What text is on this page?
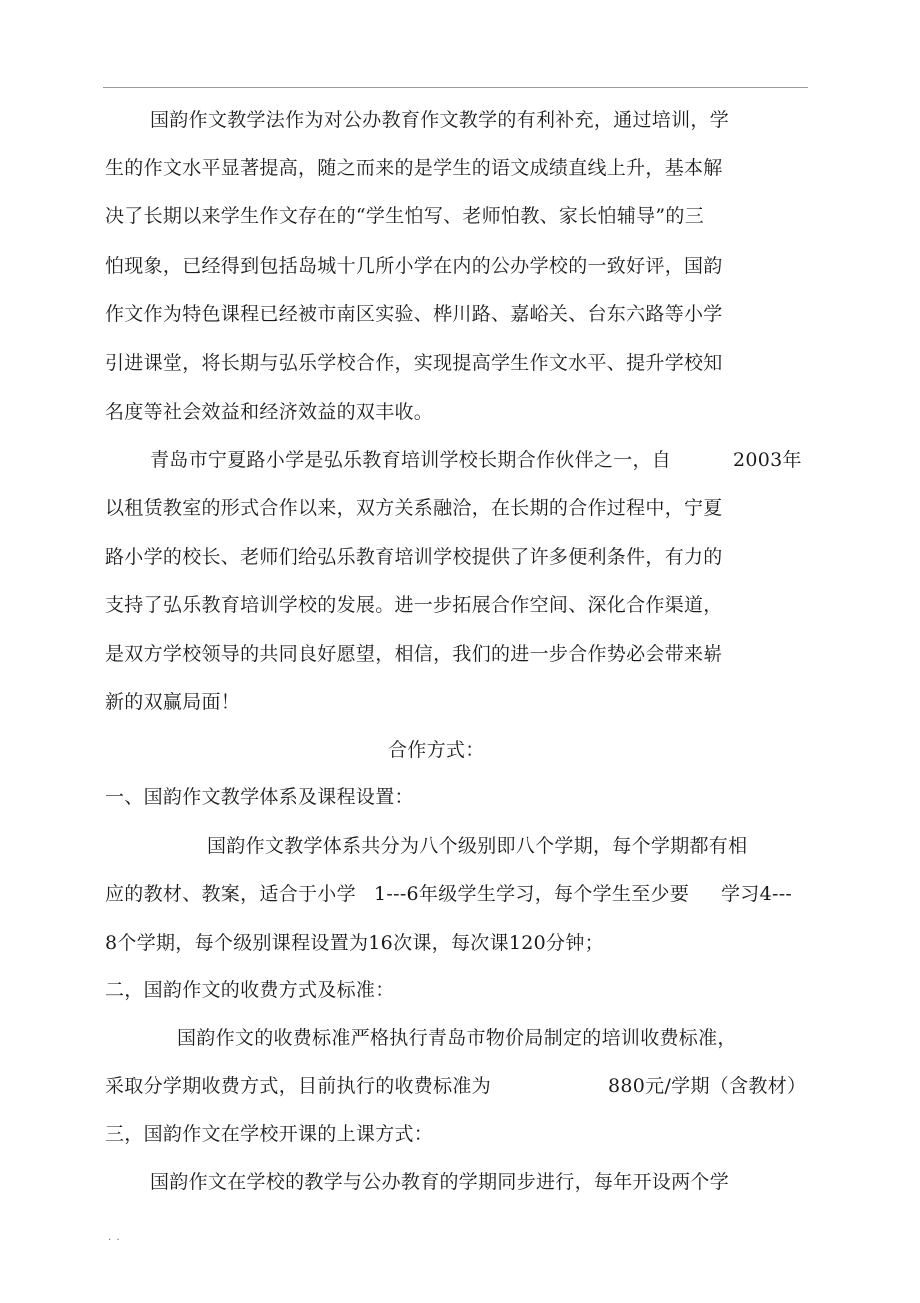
国韵作文教学法作为对公办教育作文教学的有利补充，通过培训，学
生的作文水平显著提高，随之而来的是学生的语文成绩直线上升，基本解
决了长期以来学生作文存在的“学生怕写、老师怕教、家长怕辅导”的三
怕现象，已经得到包括岛城十几所小学在内的公办学校的一致好评，国韵
作文作为特色课程已经被市南区实验、桦川路、嘉峪关、台东六路等小学
引进课堂，将长期与弘乐学校合作，实现提高学生作文水平、提升学校知
名度等社会效益和经济效益的双丰收。
青岛市宁夏路小学是弘乐教育培训学校长期合作伙伴之一，自	2003年
以租赁教室的形式合作以来，双方关系融洽，在长期的合作过程中，宁夏
路小学的校长、老师们给弘乐教育培训学校提供了许多便利条件，有力的
支持了弘乐教育培训学校的发展。进一步拓展合作空间、深化合作渠道，
是双方学校领导的共同良好愿望，相信，我们的进一步合作势必会带来崭
新的双赢局面！
合作方式：
一、国韵作文教学体系及课程设置：
国韵作文教学体系共分为八个级别即八个学期，每个学期都有相
应的教材、教案，适合于小学 1---6年级学生学习，每个学生至少要 学习4---
8个学期，每个级别课程设置为16次课，每次课120分钟；
二，国韵作文的收费方式及标准：
国韵作文的收费标准严格执行青岛市物价局制定的培训收费标准，
采取分学期收费方式，目前执行的收费标准为	880元/学期（含教材）
三，国韵作文在学校开课的上课方式：
国韵作文在学校的教学与公办教育的学期同步进行，每年开设两个学
. .
